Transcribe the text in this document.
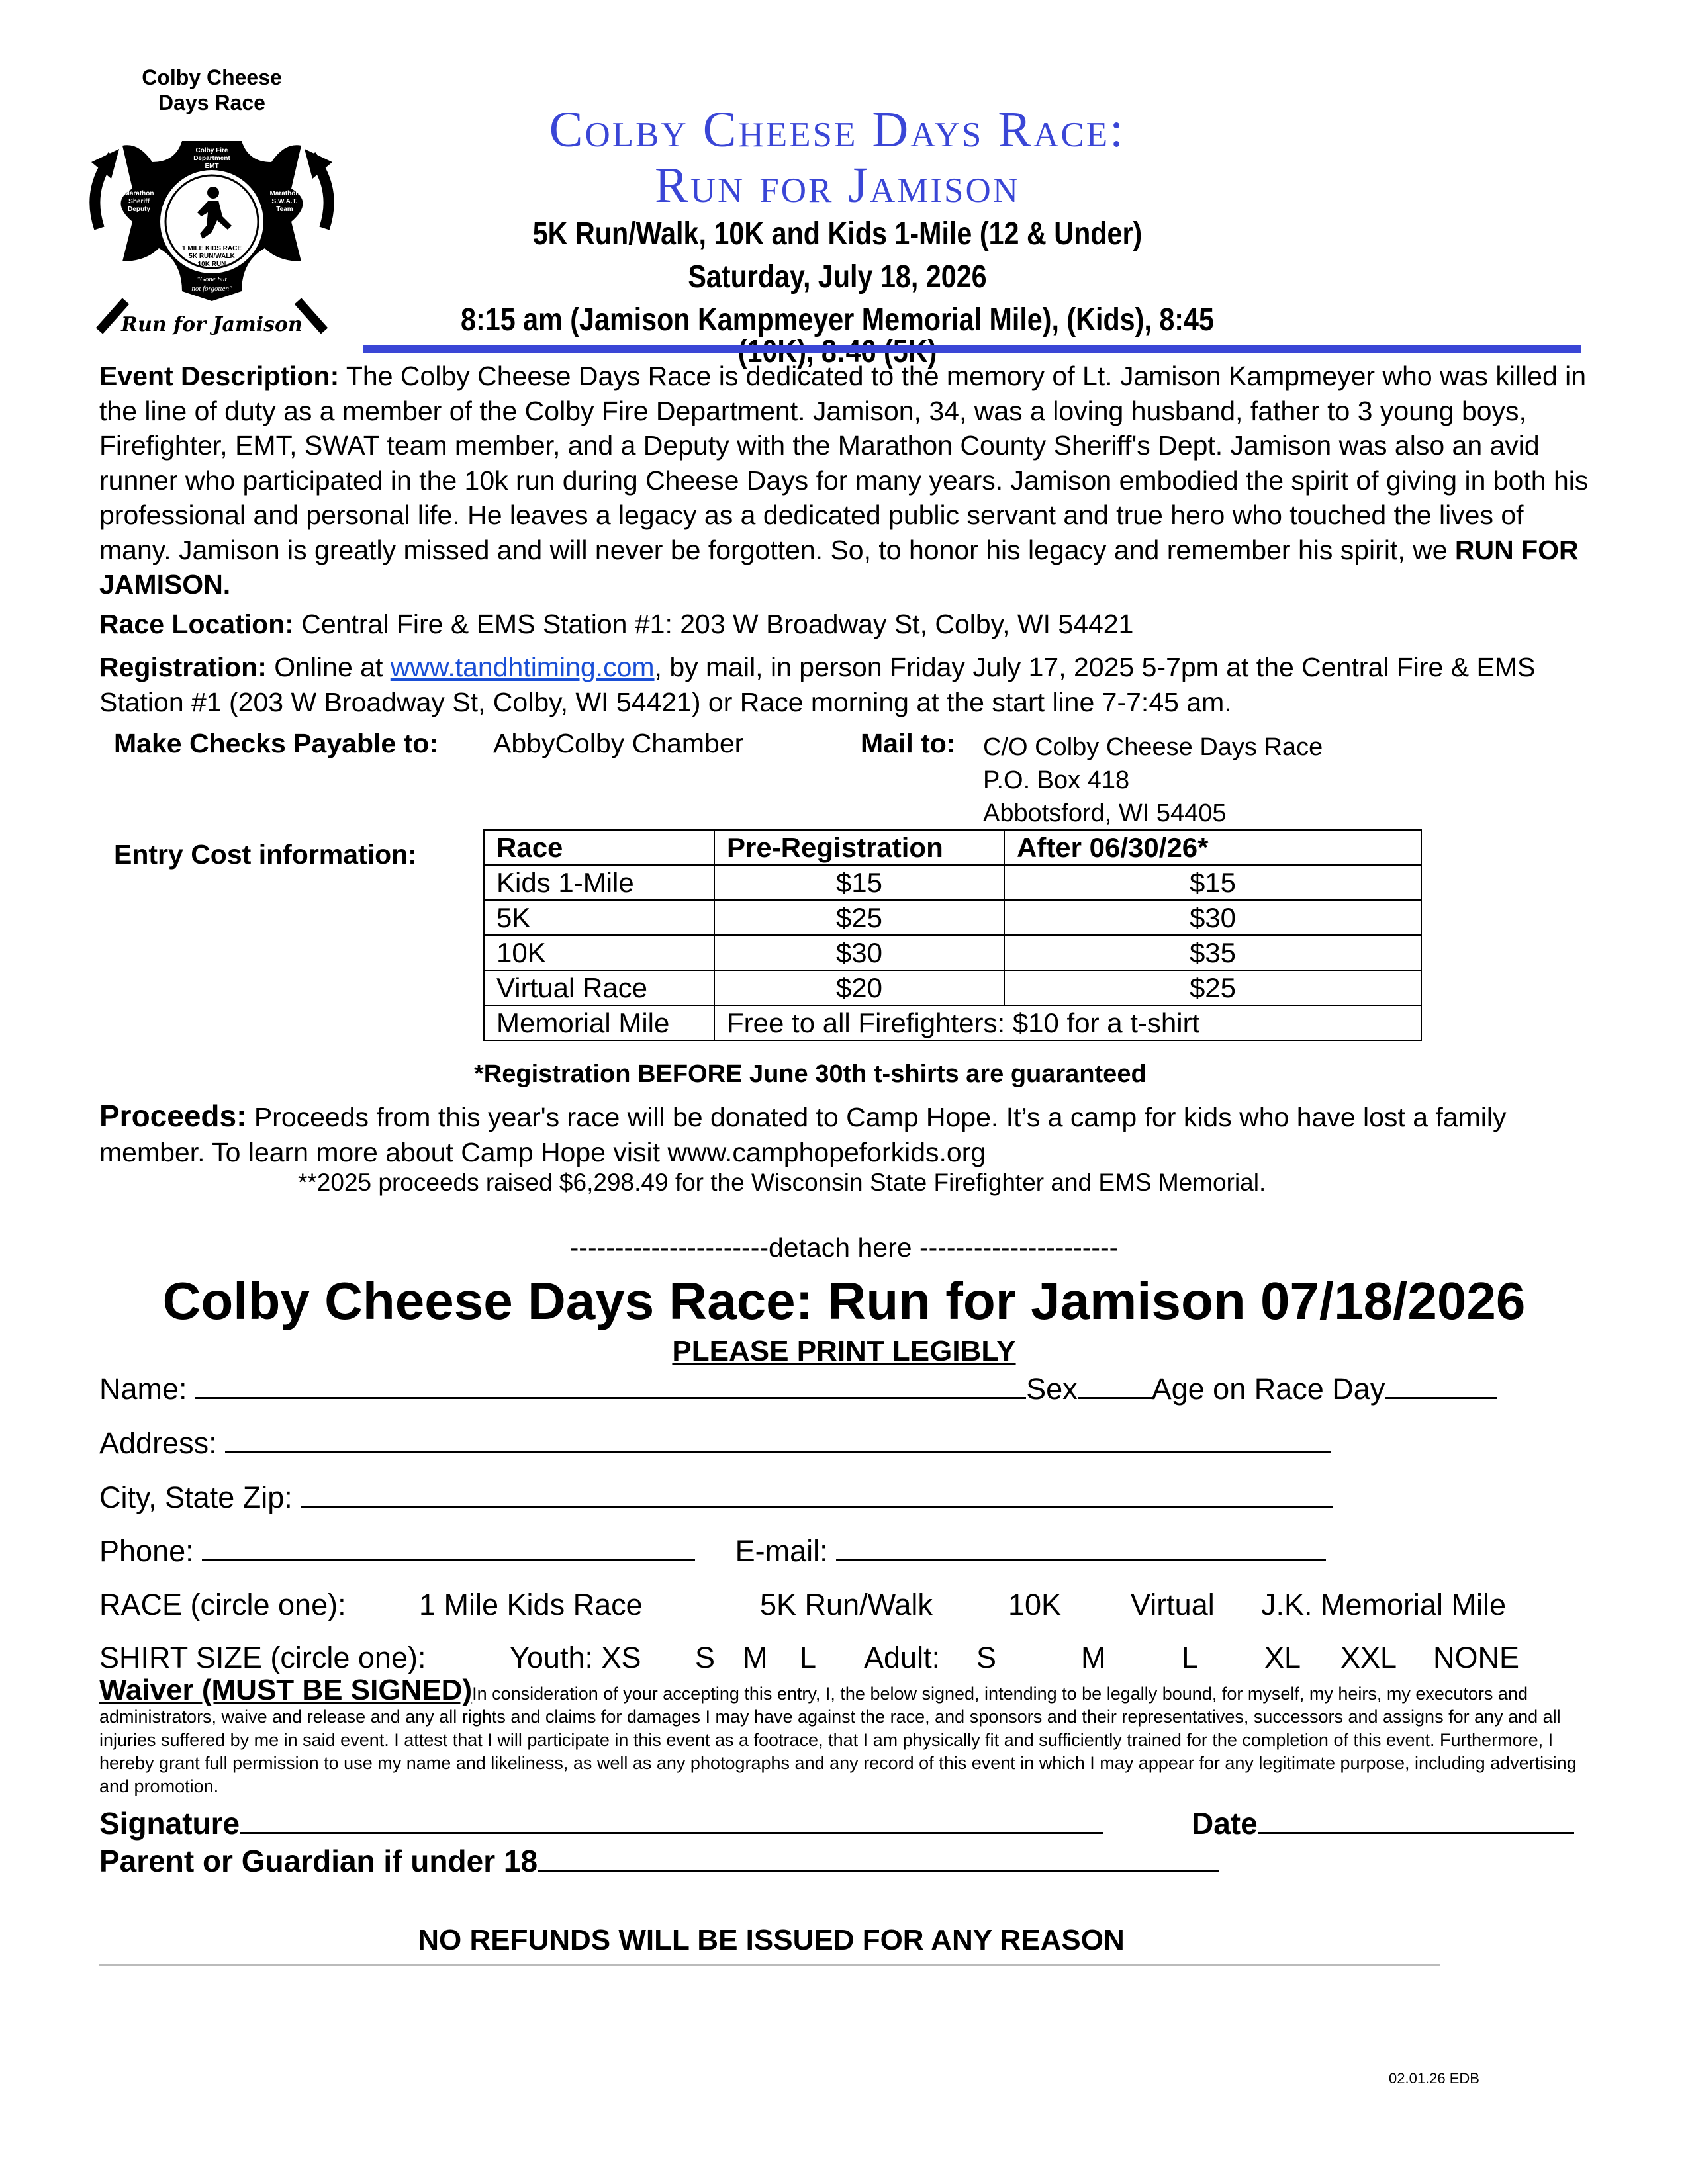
Colby Fire
Department
EMT
Marathon
Sheriff
Deputy
Marathon
S.W.A.T.
Team
1 MILE KIDS RACE
5K RUN/WALK
10K RUN
"Gone but
not forgotten"
Colby Cheese
Days Race
Run for Jamison
Colby Cheese Days Race:
Run for Jamison
5K Run/Walk, 10K and Kids 1-Mile (12 & Under)
Saturday, July 18, 2026
8:15 am (Jamison Kampmeyer Memorial Mile), (Kids), 8:45
Event Description: The Colby Cheese Days Race is dedicated to the memory of Lt. Jamison Kampmeyer who was killed in the line of duty as a member of the Colby Fire Department. Jamison, 34, was a loving husband, father to 3 young boys, Firefighter, EMT, SWAT team member, and a Deputy with the Marathon County Sheriff's Dept. Jamison was also an avid runner who participated in the 10k run during Cheese Days for many years. Jamison embodied the spirit of giving in both his professional and personal life. He leaves a legacy as a dedicated public servant and true hero who touched the lives of many. Jamison is greatly missed and will never be forgotten. So, to honor his legacy and remember his spirit, we RUN FOR JAMISON.
Race Location: Central Fire & EMS Station #1: 203 W Broadway St, Colby, WI 54421
Registration: Online at www.tandhtiming.com, by mail, in person Friday July 17, 2025 5-7pm at the Central Fire & EMS Station #1 (203 W Broadway St, Colby, WI 54421) or Race morning at the start line 7-7:45 am.
Make Checks Payable to: AbbyColby Chamber	Mail to: C/O Colby Cheese Days Race
P.O. Box 418
Abbotsford, WI 54405
Entry Cost information:	Race	Pre-Registration	After 06/30/26*
Kids 1-Mile	$15	$15
5K	$25	$30
10K	$30	$35
Virtual Race	$20	$25
Memorial Mile	Free to all Firefighters: $10 for a t-shirt	
*Registration BEFORE June 30th t-shirts are guaranteed
Proceeds: Proceeds from this year's race will be donated to Camp Hope. It’s a camp for kids who have lost a family member. To learn more about Camp Hope visit www.camphopeforkids.org
**2025 proceeds raised $6,298.49 for the Wisconsin State Firefighter and EMS Memorial.
----------------------detach here ----------------------
Colby Cheese Days Race: Run for Jamison 07/18/2026
PLEASE PRINT LEGIBLY
Name:	Sex Age on Race Day
Address:
City, State Zip:
Phone:	E-mail:
RACE (circle one): 1 Mile Kids Race	5K Run/Walk	10K Virtual J.K. Memorial Mile
SHIRT SIZE (circle one):	Youth: XS S M L Adult: S	M	L XL XXL NONE
Waiver (MUST BE SIGNED)In consideration of your accepting this entry, I, the below signed, intending to be legally bound, for myself, my heirs, my executors and administrators, waive and release and any all rights and claims for damages I may have against the race, and sponsors and their representatives, successors and assigns for any and all injuries suffered by me in said event. I attest that I will participate in this event as a footrace, that I am physically fit and sufficiently trained for the completion of this event. Furthermore, I hereby grant full permission to use my name and likeliness, as well as any photographs and any record of this event in which I may appear for any legitimate purpose, including advertising and promotion.
Signature	Date
Parent or Guardian if under 18
NO REFUNDS WILL BE ISSUED FOR ANY REASON
02.01.26 EDB
